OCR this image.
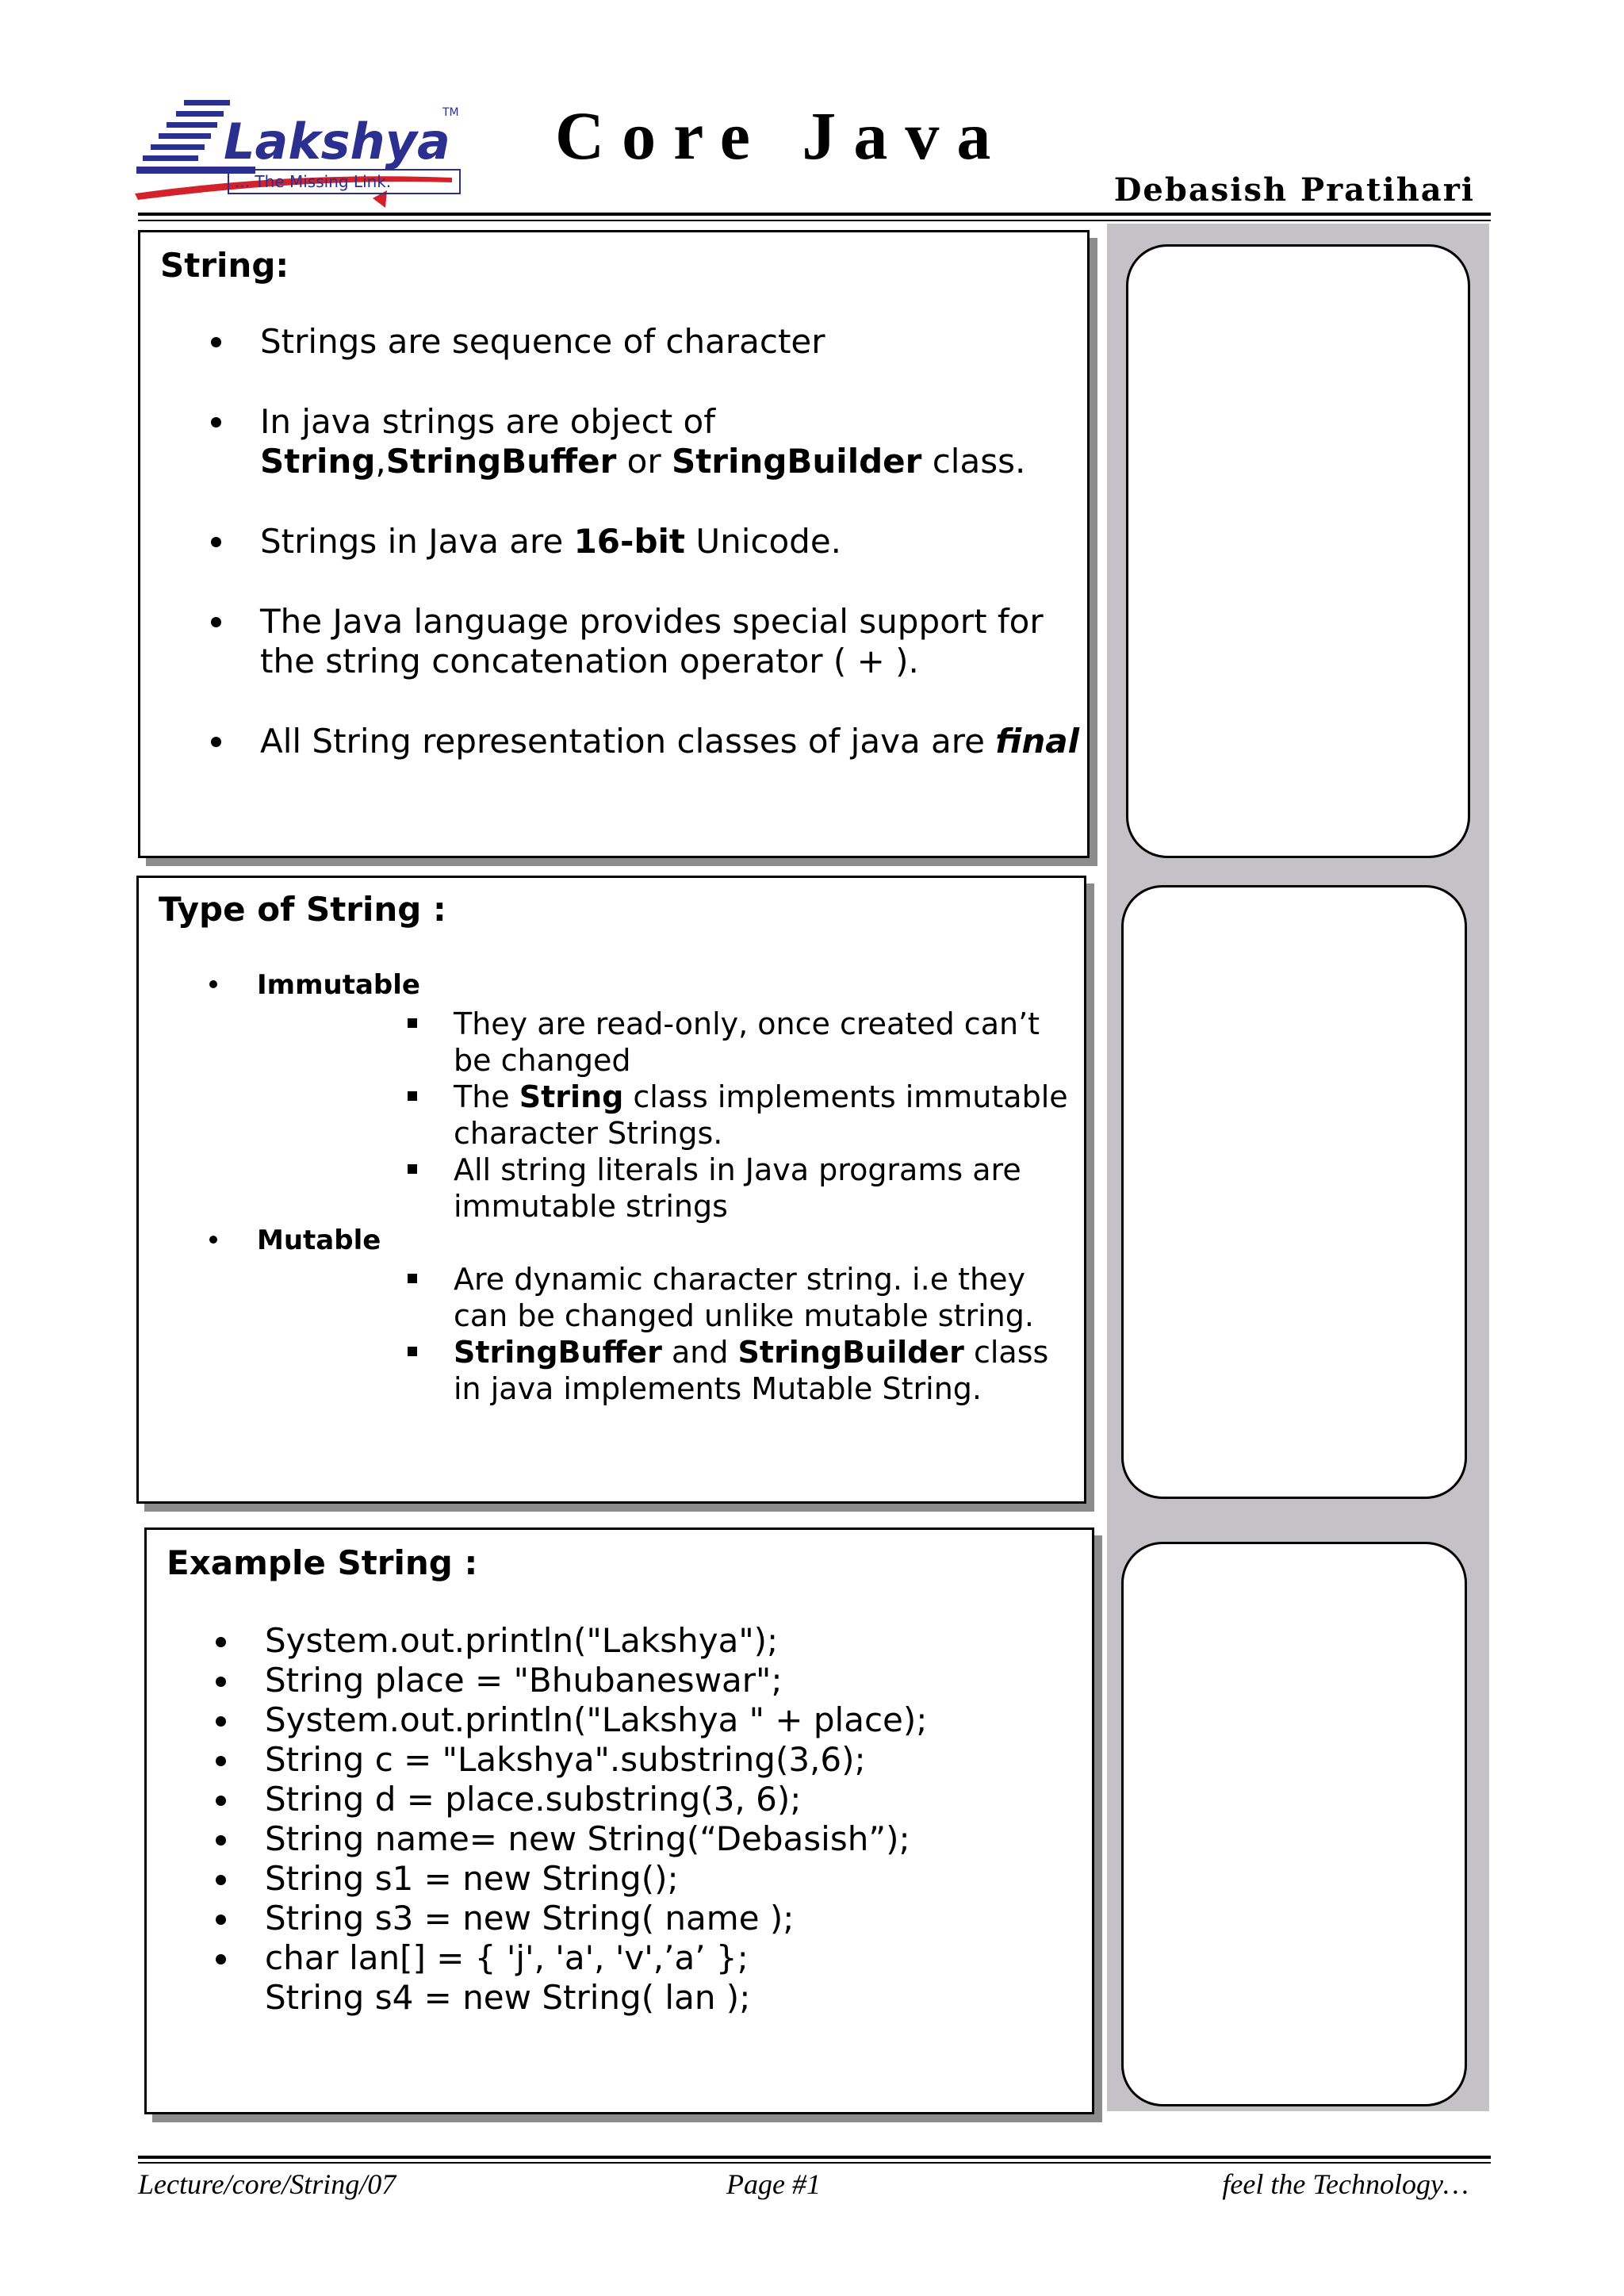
Lakshya
TM
... The Missing Link.
Core Java
Debasish Pratihari
String:
Strings are sequence of character
In java strings are object of
String,StringBuffer or StringBuilder class.
Strings in Java are 16-bit Unicode.
The Java language provides special support for
the string concatenation operator ( + ).
All String representation classes of java are final
Type of String :
Immutable
They are read-only, once created can’t
be changed
The String class implements immutable
character Strings.
All string literals in Java programs are
immutable strings
Mutable
Are dynamic character string. i.e they
can be changed unlike mutable string.
StringBuffer and StringBuilder class
in java implements Mutable String.
Example String :
System.out.println("Lakshya");
String place = "Bhubaneswar";
System.out.println("Lakshya " + place);
String c = "Lakshya".substring(3,6);
String d = place.substring(3, 6);
String name= new String(“Debasish”);
String s1 = new String();
String s3 = new String( name );
char lan[] = { 'j', 'a', 'v',’a’ };
String s4 = new String( lan );
Lecture/core/String/07	Page #1	feel the Technology…
